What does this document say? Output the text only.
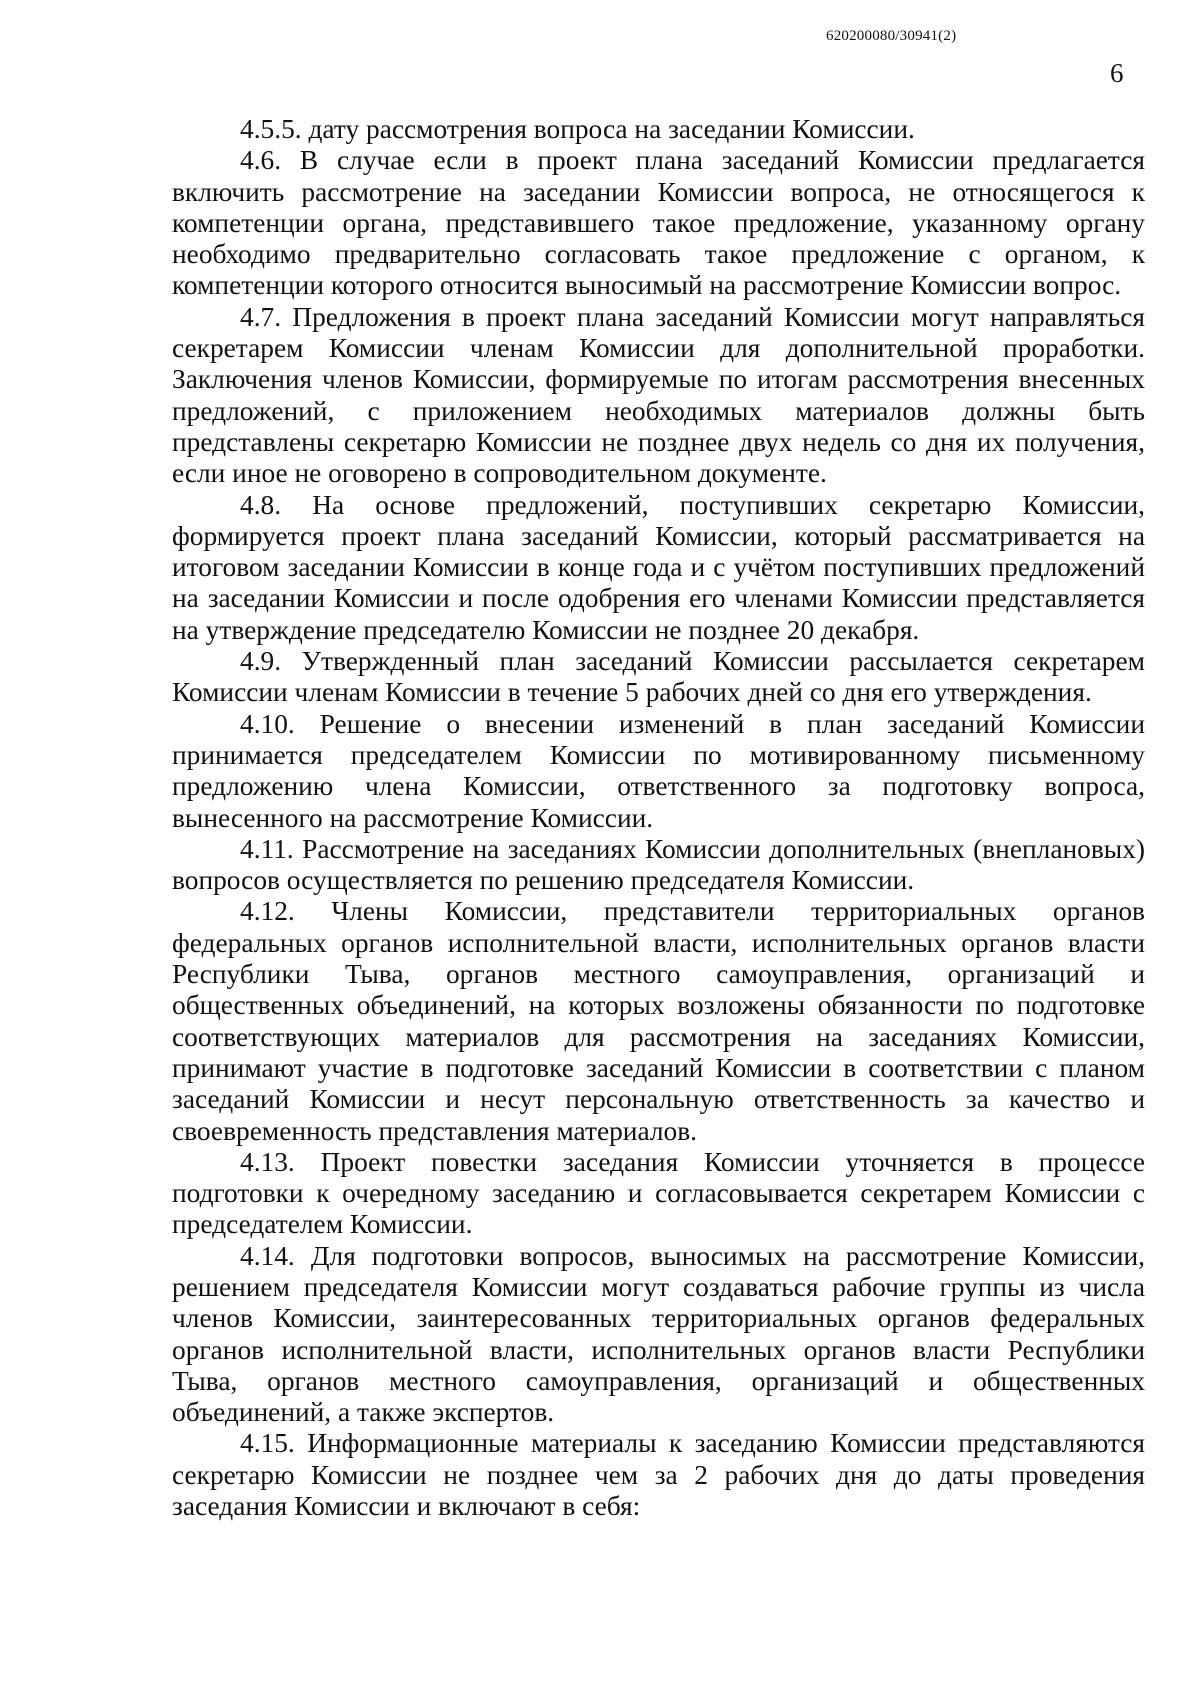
620200080/30941(2)
6

4.5.5. дату рассмотрения вопроса на заседании Комиссии.

4.6. В случае если в проект плана заседаний Комиссии предлагается включить рассмотрение на заседании Комиссии вопроса, не относящегося к компетенции органа, представившего такое предложение, указанному органу необходимо предварительно согласовать такое предложение с органом, к компетенции которого относится выносимый на рассмотрение Комиссии вопрос.

4.7. Предложения в проект плана заседаний Комиссии могут направляться секретарем Комиссии членам Комиссии для дополнительной проработки. Заключения членов Комиссии, формируемые по итогам рассмотрения внесенных предложений, с приложением необходимых материалов должны быть представлены секретарю Комиссии не позднее двух недель со дня их получения, если иное не оговорено в сопроводительном документе.

4.8. На основе предложений, поступивших секретарю Комиссии, формируется проект плана заседаний Комиссии, который рассматривается на итоговом заседании Комиссии в конце года и с учётом поступивших предложений на заседании Комиссии и после одобрения его членами Комиссии представляется на утверждение председателю Комиссии не позднее 20 декабря.

4.9. Утвержденный план заседаний Комиссии рассылается секретарем Комиссии членам Комиссии в течение 5 рабочих дней со дня его утверждения.

4.10. Решение о внесении изменений в план заседаний Комиссии принимается председателем Комиссии по мотивированному письменному предложению члена Комиссии, ответственного за подготовку вопроса, вынесенного на рассмотрение Комиссии.

4.11. Рассмотрение на заседаниях Комиссии дополнительных (внеплановых) вопросов осуществляется по решению председателя Комиссии.

4.12. Члены Комиссии, представители территориальных органов федеральных органов исполнительной власти, исполнительных органов власти Республики Тыва, органов местного самоуправления, организаций и общественных объединений, на которых возложены обязанности по подготовке соответствующих материалов для рассмотрения на заседаниях Комиссии, принимают участие в подготовке заседаний Комиссии в соответствии с планом заседаний Комиссии и несут персональную ответственность за качество и своевременность представления материалов.

4.13. Проект повестки заседания Комиссии уточняется в процессе подготовки к очередному заседанию и согласовывается секретарем Комиссии с председателем Комиссии.

4.14. Для подготовки вопросов, выносимых на рассмотрение Комиссии, решением председателя Комиссии могут создаваться рабочие группы из числа членов Комиссии, заинтересованных территориальных органов федеральных органов исполнительной власти, исполнительных органов власти Республики Тыва, органов местного самоуправления, организаций и общественных объединений, а также экспертов.

4.15. Информационные материалы к заседанию Комиссии представляются секретарю Комиссии не позднее чем за 2 рабочих дня до даты проведения заседания Комиссии и включают в себя:
